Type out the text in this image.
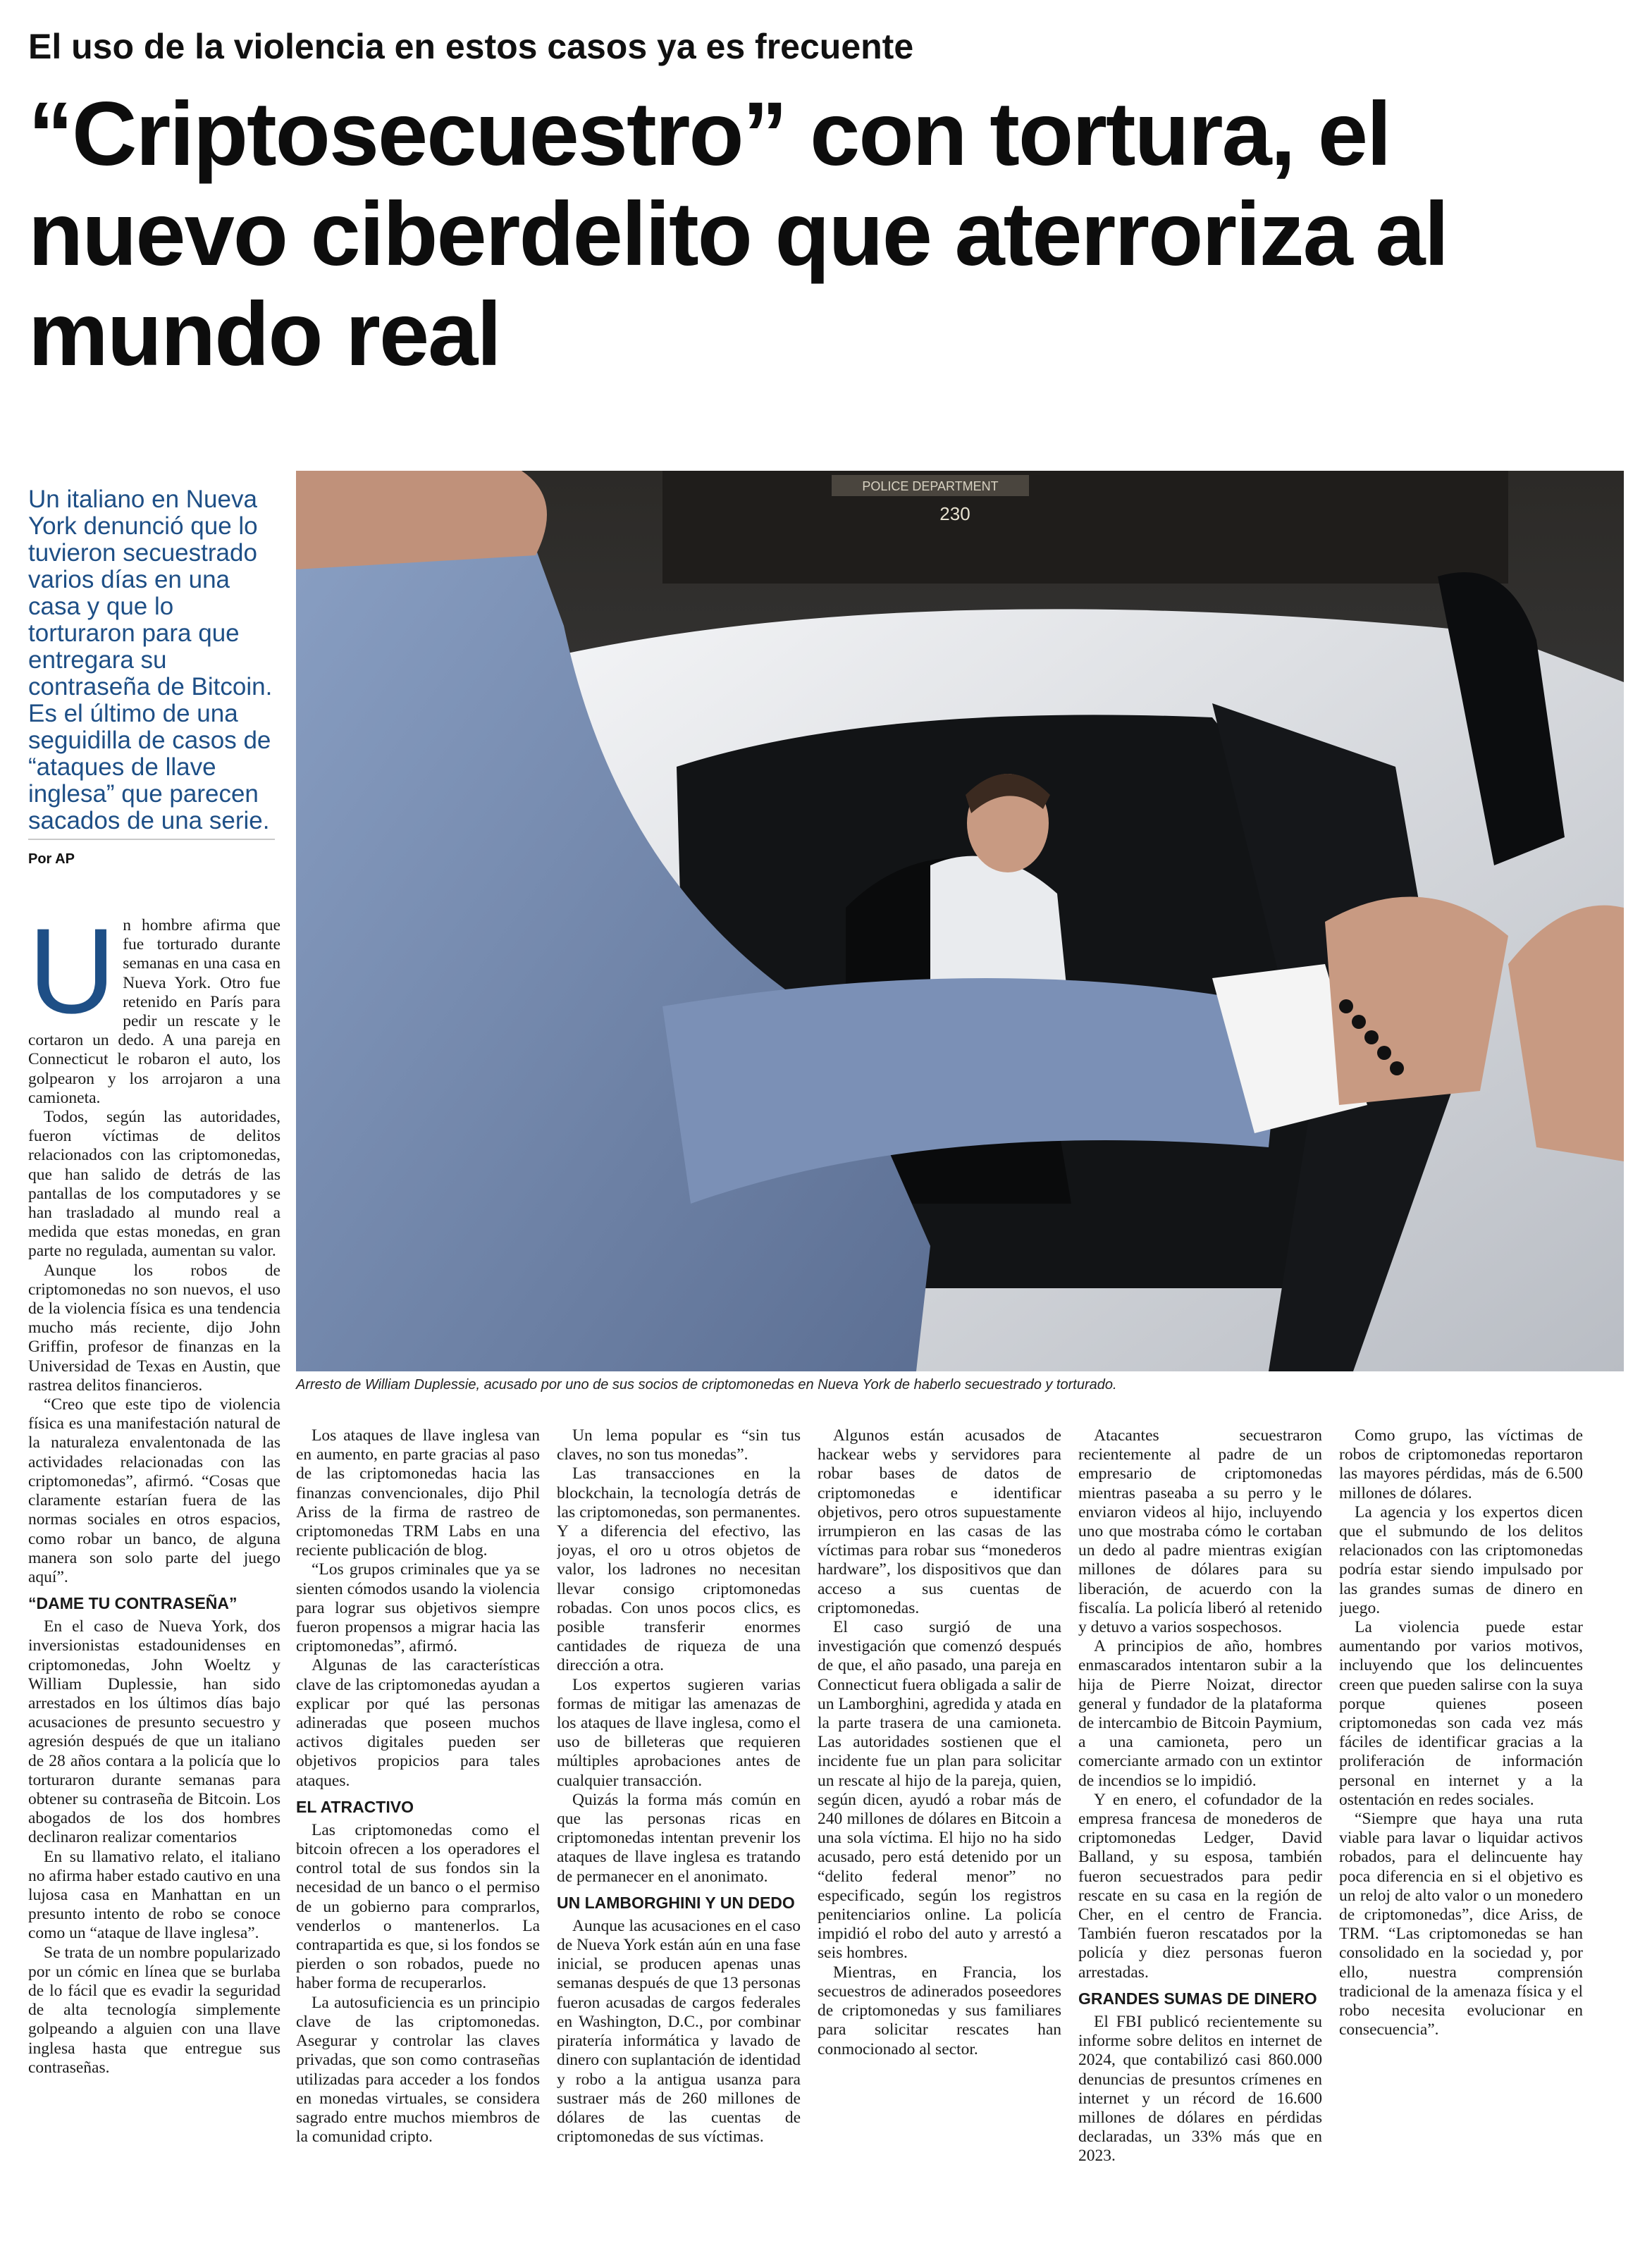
El uso de la violencia en estos casos ya es frecuente
“Criptosecuestro” con tortura, el nuevo ciberdelito que aterroriza al mundo real
Un italiano en Nueva York denunció que lo tuvieron secuestrado varios días en una casa y que lo torturaron para que entregara su contraseña de Bitcoin. Es el último de una seguidilla de casos de “ataques de llave inglesa” que parecen sacados de una serie.
Por AP
POLICE DEPARTMENT
230
Arresto de William Duplessie, acusado por uno de sus socios de criptomonedas en Nueva York de haberlo secuestrado y torturado.
U n hombre afirma que fue torturado durante semanas en una casa en Nueva York. Otro fue retenido en París para pedir un rescate y le cortaron un dedo. A una pareja en Connecticut le robaron el auto, los golpearon y los arrojaron a una camioneta.

Todos, según las autoridades, fueron víctimas de delitos relacionados con las criptomonedas, que han salido de detrás de las pantallas de los computadores y se han trasladado al mundo real a medida que estas monedas, en gran parte no regulada, aumentan su valor.

Aunque los robos de criptomonedas no son nuevos, el uso de la violencia física es una tendencia mucho más reciente, dijo John Griffin, profesor de finanzas en la Universidad de Texas en Austin, que rastrea delitos financieros.

“Creo que este tipo de violencia física es una manifestación natural de la naturaleza envalentonada de las actividades relacionadas con las criptomonedas”, afirmó. “Cosas que claramente estarían fuera de las normas sociales en otros espacios, como robar un banco, de alguna manera son solo parte del juego aquí”.

“DAME TU CONTRASEÑA”

En el caso de Nueva York, dos inversionistas estadounidenses en criptomonedas, John Woeltz y William Duplessie, han sido arrestados en los últimos días bajo acusaciones de presunto secuestro y agresión después de que un italiano de 28 años contara a la policía que lo torturaron durante semanas para obtener su contraseña de Bitcoin. Los abogados de los dos hombres declinaron realizar comentarios

En su llamativo relato, el italiano no afirma haber estado cautivo en una lujosa casa en Manhattan en un presunto intento de robo se conoce como un “ataque de llave inglesa”.

Se trata de un nombre popularizado por un cómic en línea que se burlaba de lo fácil que es evadir la seguridad de alta tecnología simplemente golpeando a alguien con una llave inglesa hasta que entregue sus contraseñas.

Los ataques de llave inglesa van en aumento, en parte gracias al paso de las criptomonedas hacia las finanzas convencionales, dijo Phil Ariss de la firma de rastreo de criptomonedas TRM Labs en una reciente publicación de blog.

“Los grupos criminales que ya se sienten cómodos usando la violencia para lograr sus objetivos siempre fueron propensos a migrar hacia las criptomonedas”, afirmó.

Algunas de las características clave de las criptomonedas ayudan a explicar por qué las personas adineradas que poseen muchos activos digitales pueden ser objetivos propicios para tales ataques.

EL ATRACTIVO

Las criptomonedas como el bitcoin ofrecen a los operadores el control total de sus fondos sin la necesidad de un banco o el permiso de un gobierno para comprarlos, venderlos o mantenerlos. La contrapartida es que, si los fondos se pierden o son robados, puede no haber forma de recuperarlos.

La autosuficiencia es un principio clave de las criptomonedas. Asegurar y controlar las claves privadas, que son como contraseñas utilizadas para acceder a los fondos en monedas virtuales, se considera sagrado entre muchos miembros de la comunidad cripto.

Un lema popular es “sin tus claves, no son tus monedas”.

Las transacciones en la blockchain, la tecnología detrás de las criptomonedas, son permanentes. Y a diferencia del efectivo, las joyas, el oro u otros objetos de valor, los ladrones no necesitan llevar consigo criptomonedas robadas. Con unos pocos clics, es posible transferir enormes cantidades de riqueza de una dirección a otra.

Los expertos sugieren varias formas de mitigar las amenazas de los ataques de llave inglesa, como el uso de billeteras que requieren múltiples aprobaciones antes de cualquier transacción.

Quizás la forma más común en que las personas ricas en criptomonedas intentan prevenir los ataques de llave inglesa es tratando de permanecer en el anonimato.

UN LAMBORGHINI Y UN DEDO

Aunque las acusaciones en el caso de Nueva York están aún en una fase inicial, se producen apenas unas semanas después de que 13 personas fueron acusadas de cargos federales en Washington, D.C., por combinar piratería informática y lavado de dinero con suplantación de identidad y robo a la antigua usanza para sustraer más de 260 millones de dólares de las cuentas de criptomonedas de sus víctimas.

Algunos están acusados de hackear webs y servidores para robar bases de datos de criptomonedas e identificar objetivos, pero otros supuestamente irrumpieron en las casas de las víctimas para robar sus “monederos hardware”, los dispositivos que dan acceso a sus cuentas de criptomonedas.

El caso surgió de una investigación que comenzó después de que, el año pasado, una pareja en Connecticut fuera obligada a salir de un Lamborghini, agredida y atada en la parte trasera de una camioneta. Las autoridades sostienen que el incidente fue un plan para solicitar un rescate al hijo de la pareja, quien, según dicen, ayudó a robar más de 240 millones de dólares en Bitcoin a una sola víctima. El hijo no ha sido acusado, pero está detenido por un “delito federal menor” no especificado, según los registros penitenciarios online. La policía impidió el robo del auto y arrestó a seis hombres.

Mientras, en Francia, los secuestros de adinerados poseedores de criptomonedas y sus familiares para solicitar rescates han conmocionado al sector.

Atacantes secuestraron recientemente al padre de un empresario de criptomonedas mientras paseaba a su perro y le enviaron videos al hijo, incluyendo uno que mostraba cómo le cortaban un dedo al padre mientras exigían millones de dólares para su liberación, de acuerdo con la fiscalía. La policía liberó al retenido y detuvo a varios sospechosos.

A principios de año, hombres enmascarados intentaron subir a la hija de Pierre Noizat, director general y fundador de la plataforma de intercambio de Bitcoin Paymium, a una camioneta, pero un comerciante armado con un extintor de incendios se lo impidió.

Y en enero, el cofundador de la empresa francesa de monederos de criptomonedas Ledger, David Balland, y su esposa, también fueron secuestrados para pedir rescate en su casa en la región de Cher, en el centro de Francia. También fueron rescatados por la policía y diez personas fueron arrestadas.

GRANDES SUMAS DE DINERO

El FBI publicó recientemente su informe sobre delitos en internet de 2024, que contabilizó casi 860.000 denuncias de presuntos crímenes en internet y un récord de 16.600 millones de dólares en pérdidas declaradas, un 33% más que en 2023.

Como grupo, las víctimas de robos de criptomonedas reportaron las mayores pérdidas, más de 6.500 millones de dólares.

La agencia y los expertos dicen que el submundo de los delitos relacionados con las criptomonedas podría estar siendo impulsado por las grandes sumas de dinero en juego.

La violencia puede estar aumentando por varios motivos, incluyendo que los delincuentes creen que pueden salirse con la suya porque quienes poseen criptomonedas son cada vez más fáciles de identificar gracias a la proliferación de información personal en internet y a la ostentación en redes sociales.

“Siempre que haya una ruta viable para lavar o liquidar activos robados, para el delincuente hay poca diferencia en si el objetivo es un reloj de alto valor o un monedero de criptomonedas”, dice Ariss, de TRM. “Las criptomonedas se han consolidado en la sociedad y, por ello, nuestra comprensión tradicional de la amenaza física y el robo necesita evolucionar en consecuencia”.
